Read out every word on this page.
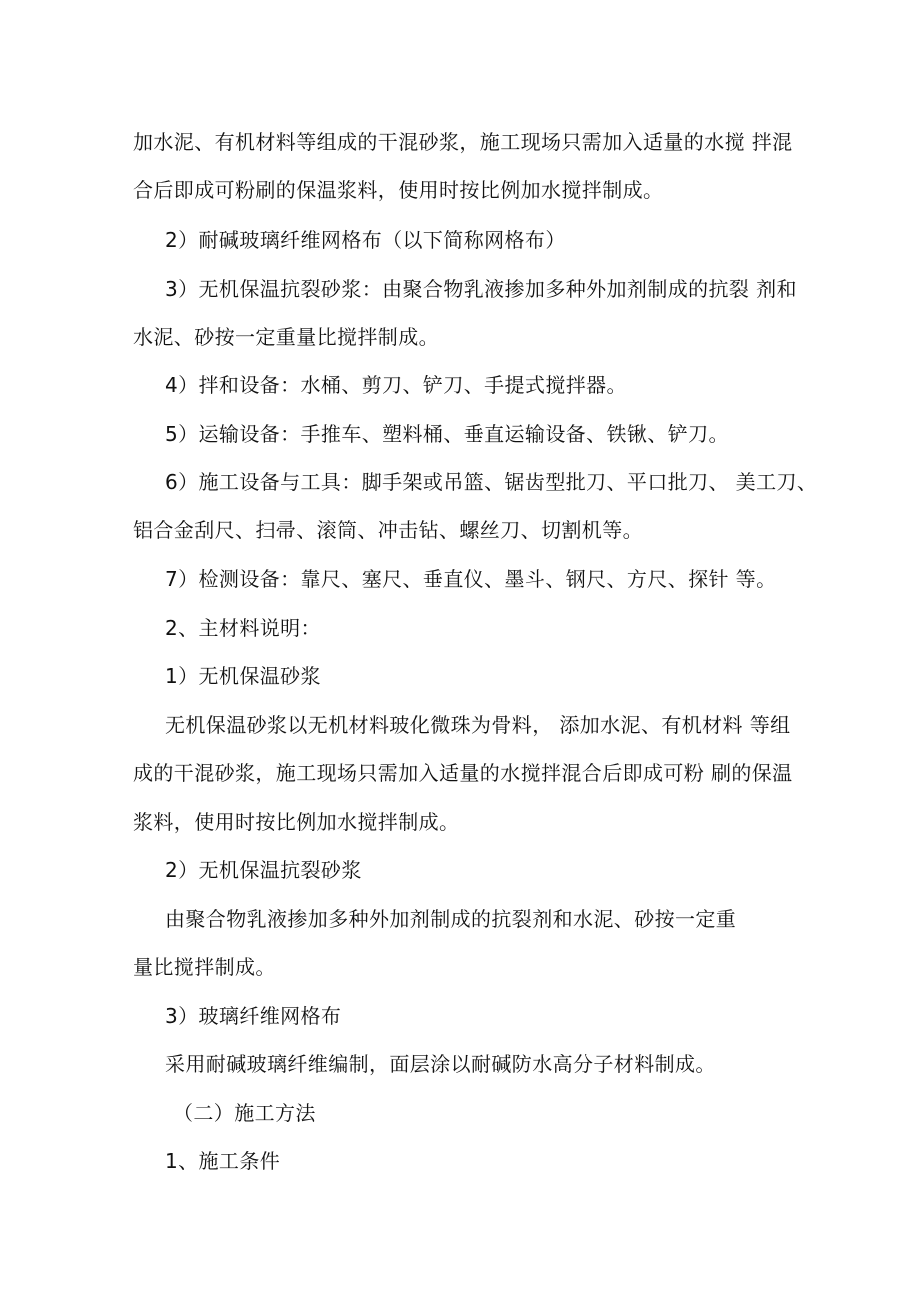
加水泥、有机材料等组成的干混砂浆，施工现场只需加入适量的水搅 拌混
合后即成可粉刷的保温浆料，使用时按比例加水搅拌制成。
2）耐碱玻璃纤维网格布（以下简称网格布）
3）无机保温抗裂砂浆：由聚合物乳液掺加多种外加剂制成的抗裂 剂和
水泥、砂按一定重量比搅拌制成。
4）拌和设备：水桶、剪刀、铲刀、手提式搅拌器。
5）运输设备：手推车、塑料桶、垂直运输设备、铁锹、铲刀。
6）施工设备与工具：脚手架或吊篮、锯齿型批刀、平口批刀、 美工刀、
铝合金刮尺、扫帚、滚筒、冲击钻、螺丝刀、切割机等。
7）检测设备：靠尺、塞尺、垂直仪、墨斗、钢尺、方尺、探针 等。
2、主材料说明：
1）无机保温砂浆
无机保温砂浆以无机材料玻化微珠为骨料， 添加水泥、有机材料 等组
成的干混砂浆，施工现场只需加入适量的水搅拌混合后即成可粉 刷的保温
浆料，使用时按比例加水搅拌制成。
2）无机保温抗裂砂浆
由聚合物乳液掺加多种外加剂制成的抗裂剂和水泥、砂按一定重
量比搅拌制成。
3）玻璃纤维网格布
采用耐碱玻璃纤维编制，面层涂以耐碱防水高分子材料制成。
（二）施工方法
1、施工条件
